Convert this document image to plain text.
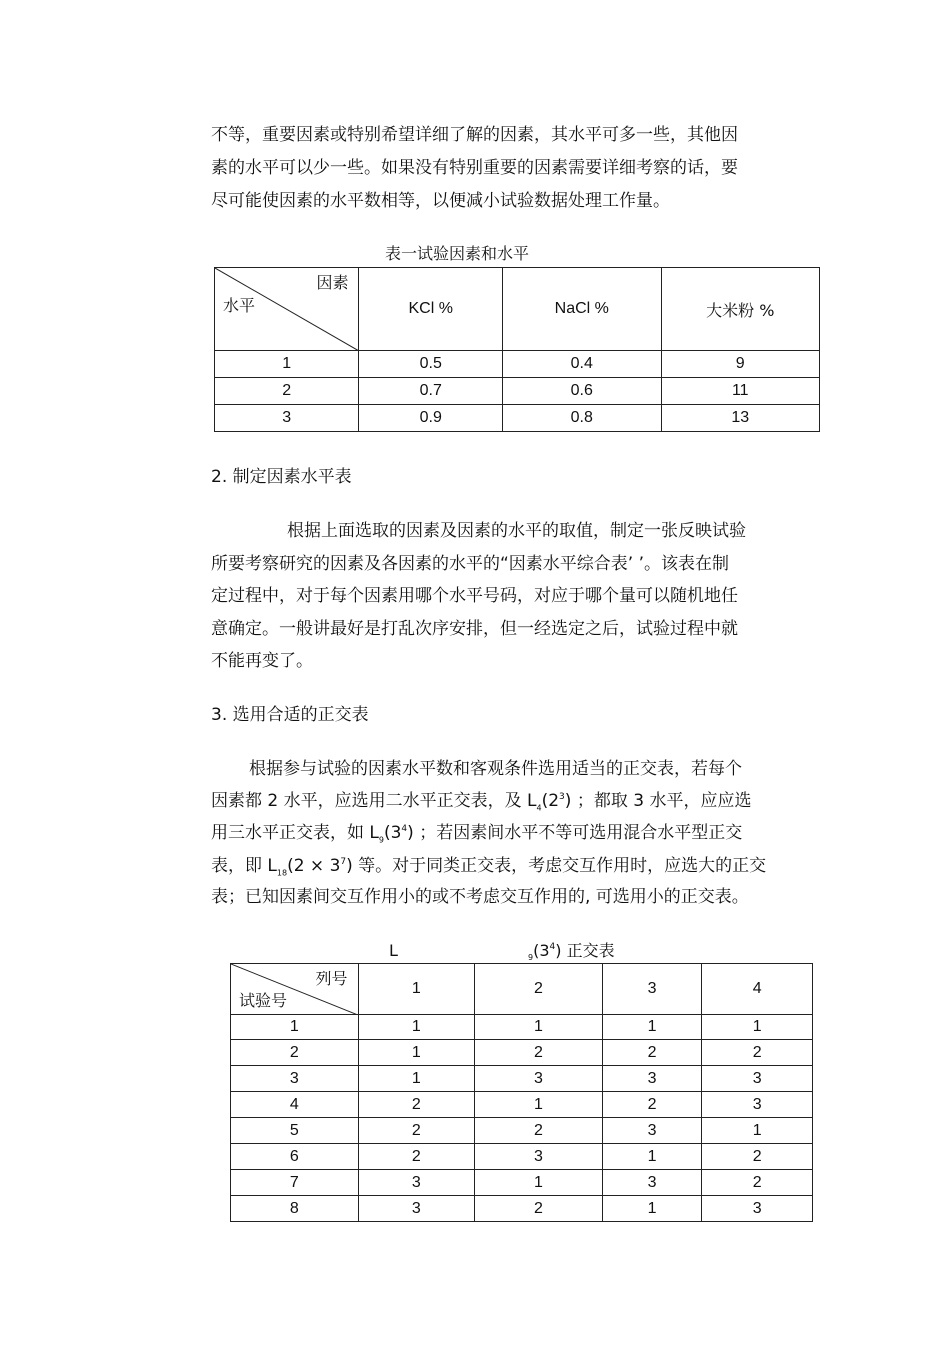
不等，重要因素或特别希望详细了解的因素，其水平可多一些，其他因
素的水平可以少一些。如果没有特别重要的因素需要详细考察的话，要
尽可能使因素的水平数相等，以便减小试验数据处理工作量。
表一试验因素和水平
因素
水平	KCl %	NaCl %	大米粉 %
1	0.5	0.4	9
2	0.7	0.6	11
3	0.9	0.8	13
2. 制定因素水平表
根据上面选取的因素及因素的水平的取值，制定一张反映试验
所要考察研究的因素及各因素的水平的“因素水平综合表’ ’。该表在制
定过程中，对于每个因素用哪个水平号码，对应于哪个量可以随机地任
意确定。一般讲最好是打乱次序安排，但一经选定之后，试验过程中就
不能再变了。
3. 选用合适的正交表
根据参与试验的因素水平数和客观条件选用适当的正交表，若每个
因素都 2 水平，应选用二水平正交表，及 $L_4(2^3)$ ；都取 3 水平，应应选
用三水平正交表，如 $L_9(3^4)$ ；若因素间水平不等可选用混合水平型正交
表，即 $L_{18}(2 \times 3^7)$ 等。对于同类正交表，考虑交互作用时，应选大的正交
表；已知因素间交互作用小的或不考虑交互作用的, 可选用小的正交表。
L	$_9(3^4)$ 正交表
列号
试验号	1	2	3	4
1	1	1	1	1
2	1	2	2	2
3	1	3	3	3
4	2	1	2	3
5	2	2	3	1
6	2	3	1	2
7	3	1	3	2
8	3	2	1	3
